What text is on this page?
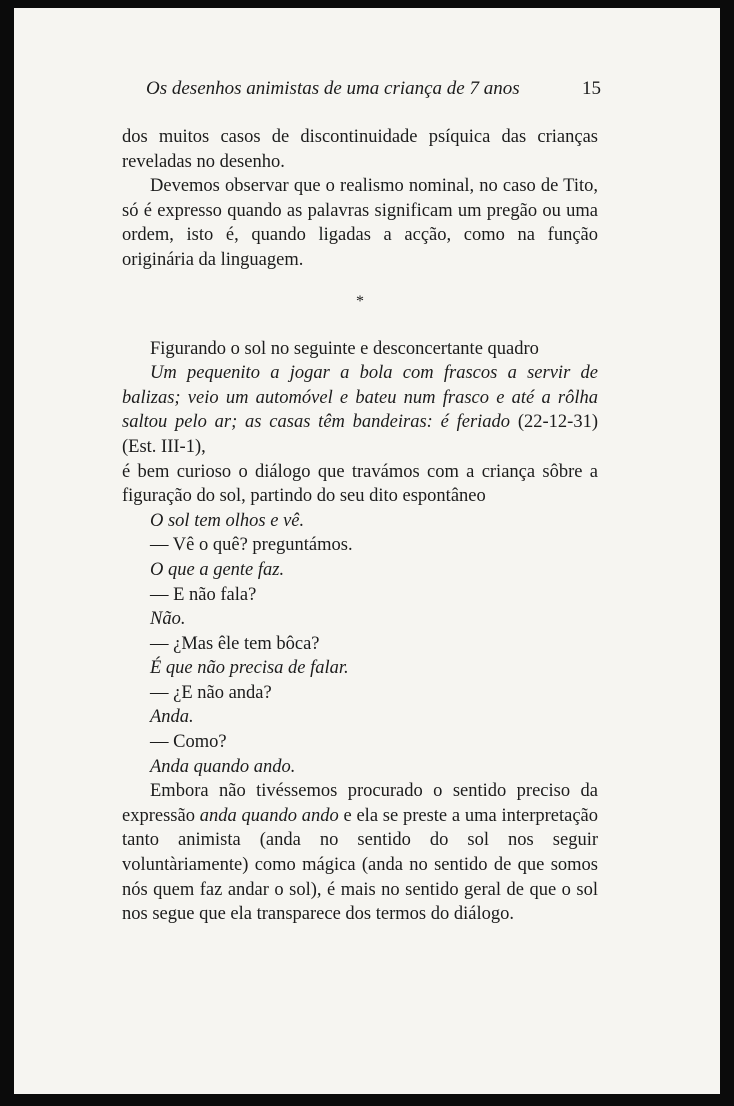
Os desenhos animistas de uma criança de 7 anos	15

dos muitos casos de discontinuidade psíquica das crianças reveladas no desenho.

Devemos observar que o realismo nominal, no caso de Tito, só é expresso quando as palavras significam um pregão ou uma ordem, isto é, quando ligadas a acção, como na função originária da linguagem.

*

Figurando o sol no seguinte e desconcertante quadro

Um pequenito a jogar a bola com frascos a servir de balizas; veio um automóvel e bateu num frasco e até a rôlha saltou pelo ar; as casas têm bandeiras: é feriado (22-12-31) (Est. III-1),

é bem curioso o diálogo que travámos com a criança sôbre a figuração do sol, partindo do seu dito espontâneo

O sol tem olhos e vê.

— Vê o quê? preguntámos.

O que a gente faz.

— E não fala?

Não.

— ¿Mas êle tem bôca?

É que não precisa de falar.

— ¿E não anda?

Anda.

— Como?

Anda quando ando.

Embora não tivéssemos procurado o sentido preciso da expressão anda quando ando e ela se preste a uma interpretação tanto animista (anda no sentido do sol nos seguir voluntàriamente) como mágica (anda no sentido de que somos nós quem faz andar o sol), é mais no sentido geral de que o sol nos segue que ela transparece dos termos do diálogo.
